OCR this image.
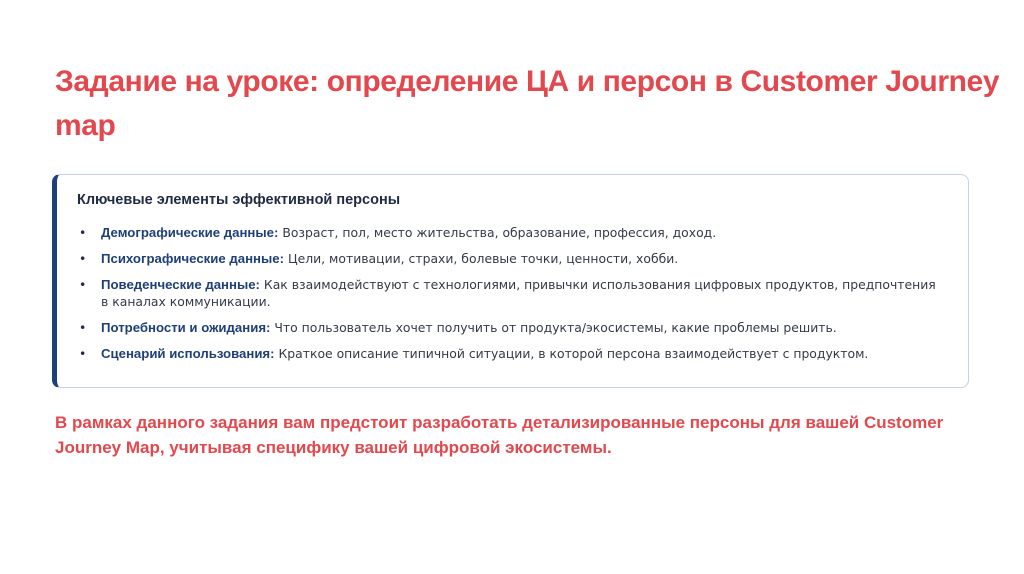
Задание на уроке: определение ЦА и персон в Customer Journey map
Ключевые элементы эффективной персоны
• Демографические данные: Возраст, пол, место жительства, образование, профессия, доход.
• Психографические данные: Цели, мотивации, страхи, болевые точки, ценности, хобби.
• Поведенческие данные: Как взаимодействуют с технологиями, привычки использования цифровых продуктов, предпочтения в каналах коммуникации.
• Потребности и ожидания: Что пользователь хочет получить от продукта/экосистемы, какие проблемы решить.
• Сценарий использования: Краткое описание типичной ситуации, в которой персона взаимодействует с продуктом.

В рамках данного задания вам предстоит разработать детализированные персоны для вашей Customer Journey Map, учитывая специфику вашей цифровой экосистемы.
